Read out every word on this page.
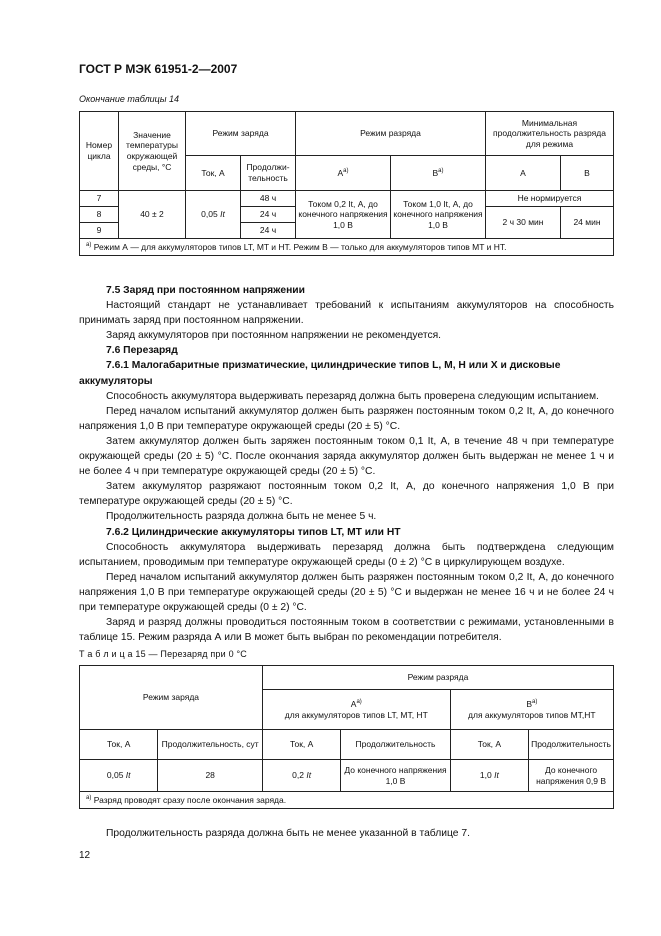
ГОСТ Р МЭК 61951-2—2007
Окончание таблицы 14
Номер цикла	Значение температуры окружающей среды, °С	Режим заряда		Режим разряда		Минимальная продолжительность разряда для режима	
		Ток, А	Продолжи-тельность	$А^{а)}$	$В^{а)}$	А	В
7	40 ± 2	0,05 It	48 ч	Током 0,2 It, А, до конечного напряжения 1,0 В	Током 1,0 It, А, до конечного напряжения 1,0 В	Не нормируется	
8			24 ч			2 ч 30 мин	24 мин
9			24 ч				
$^{а)}$ Режим А — для аккумуляторов типов LT, MT и HT. Режим В — только для аккумуляторов типов MT и HT.							

7.5 Заряд при постоянном напряжении

Настоящий стандарт не устанавливает требований к испытаниям аккумуляторов на способность принимать заряд при постоянном напряжении.

Заряд аккумуляторов при постоянном напряжении не рекомендуется.

7.6 Перезаряд

7.6.1 Малогабаритные призматические, цилиндрические типов L, M, H или X и дисковые аккумуляторы

Способность аккумулятора выдерживать перезаряд должна быть проверена следующим испытанием.

Перед началом испытаний аккумулятор должен быть разряжен постоянным током 0,2 It, А, до конечного напряжения 1,0 В при температуре окружающей среды (20 ± 5) °С.

Затем аккумулятор должен быть заряжен постоянным током 0,1 It, А, в течение 48 ч при температуре окружающей среды (20 ± 5) °С. После окончания заряда аккумулятор должен быть выдержан не менее 1 ч и не более 4 ч при температуре окружающей среды (20 ± 5) °С.

Затем аккумулятор разряжают постоянным током 0,2 It, А, до конечного напряжения 1,0 В при температуре окружающей среды (20 ± 5) °С.

Продолжительность разряда должна быть не менее 5 ч.

7.6.2 Цилиндрические аккумуляторы типов LT, MT или HT

Способность аккумулятора выдерживать перезаряд должна быть подтверждена следующим испытанием, проводимым при температуре окружающей среды (0 ± 2) °С в циркулирующем воздухе.

Перед началом испытаний аккумулятор должен быть разряжен постоянным током 0,2 It, А, до конечного напряжения 1,0 В при температуре окружающей среды (20 ± 5) °С и выдержан не менее 16 ч и не более 24 ч при температуре окружающей среды (0 ± 2) °С.

Заряд и разряд должны проводиться постоянным током в соответствии с режимами, установленными в таблице 15. Режим разряда А или В может быть выбран по рекомендации потребителя.

Т а б л и ц а 15 — Перезаряд при 0 °С
Режим заряда		Режим разряда			
		$А^{а)}$
для аккумуляторов типов LT, MT, HT		$В^{а)}$
для аккумуляторов типов MT,HT	
Ток, А	Продолжительность, сут	Ток, А	Продолжительность	Ток, А	Продолжительность
0,05 It	28	0,2 It	До конечного напряжения 1,0 В	1,0 It	До конечного напряжения 0,9 В
$^{а)}$ Разряд проводят сразу после окончания заряда.					
Продолжительность разряда должна быть не менее указанной в таблице 7.
12
